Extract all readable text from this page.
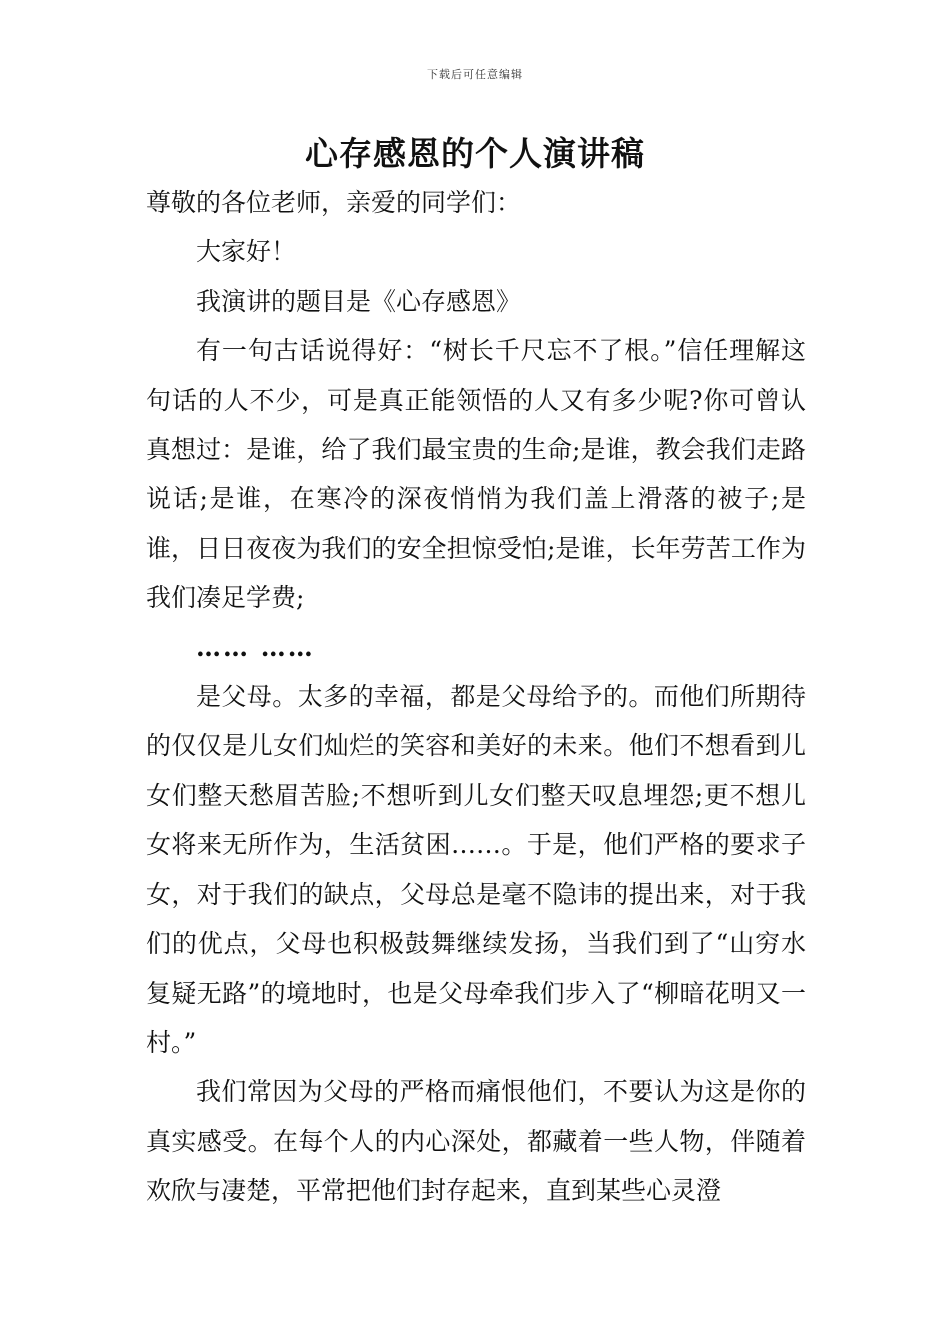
下载后可任意编辑
心存感恩的个人演讲稿

尊敬的各位老师，亲爱的同学们：

大家好！

我演讲的题目是《心存感恩》

有一句古话说得好：“树长千尺忘不了根。”信任理解这句话的人不少，可是真正能领悟的人又有多少呢?你可曾认真想过：是谁，给了我们最宝贵的生命;是谁，教会我们走路说话;是谁，在寒冷的深夜悄悄为我们盖上滑落的被子;是谁，日日夜夜为我们的安全担惊受怕;是谁，长年劳苦工作为我们凑足学费;

…… ……

是父母。太多的幸福，都是父母给予的。而他们所期待的仅仅是儿女们灿烂的笑容和美好的未来。他们不想看到儿女们整天愁眉苦脸;不想听到儿女们整天叹息埋怨;更不想儿女将来无所作为，生活贫困……。于是，他们严格的要求子女，对于我们的缺点，父母总是毫不隐讳的提出来，对于我们的优点，父母也积极鼓舞继续发扬，当我们到了“山穷水复疑无路”的境地时，也是父母牵我们步入了“柳暗花明又一村。”

我们常因为父母的严格而痛恨他们，不要认为这是你的真实感受。在每个人的内心深处，都藏着一些人物，伴随着欢欣与凄楚，平常把他们封存起来，直到某些心灵澄
